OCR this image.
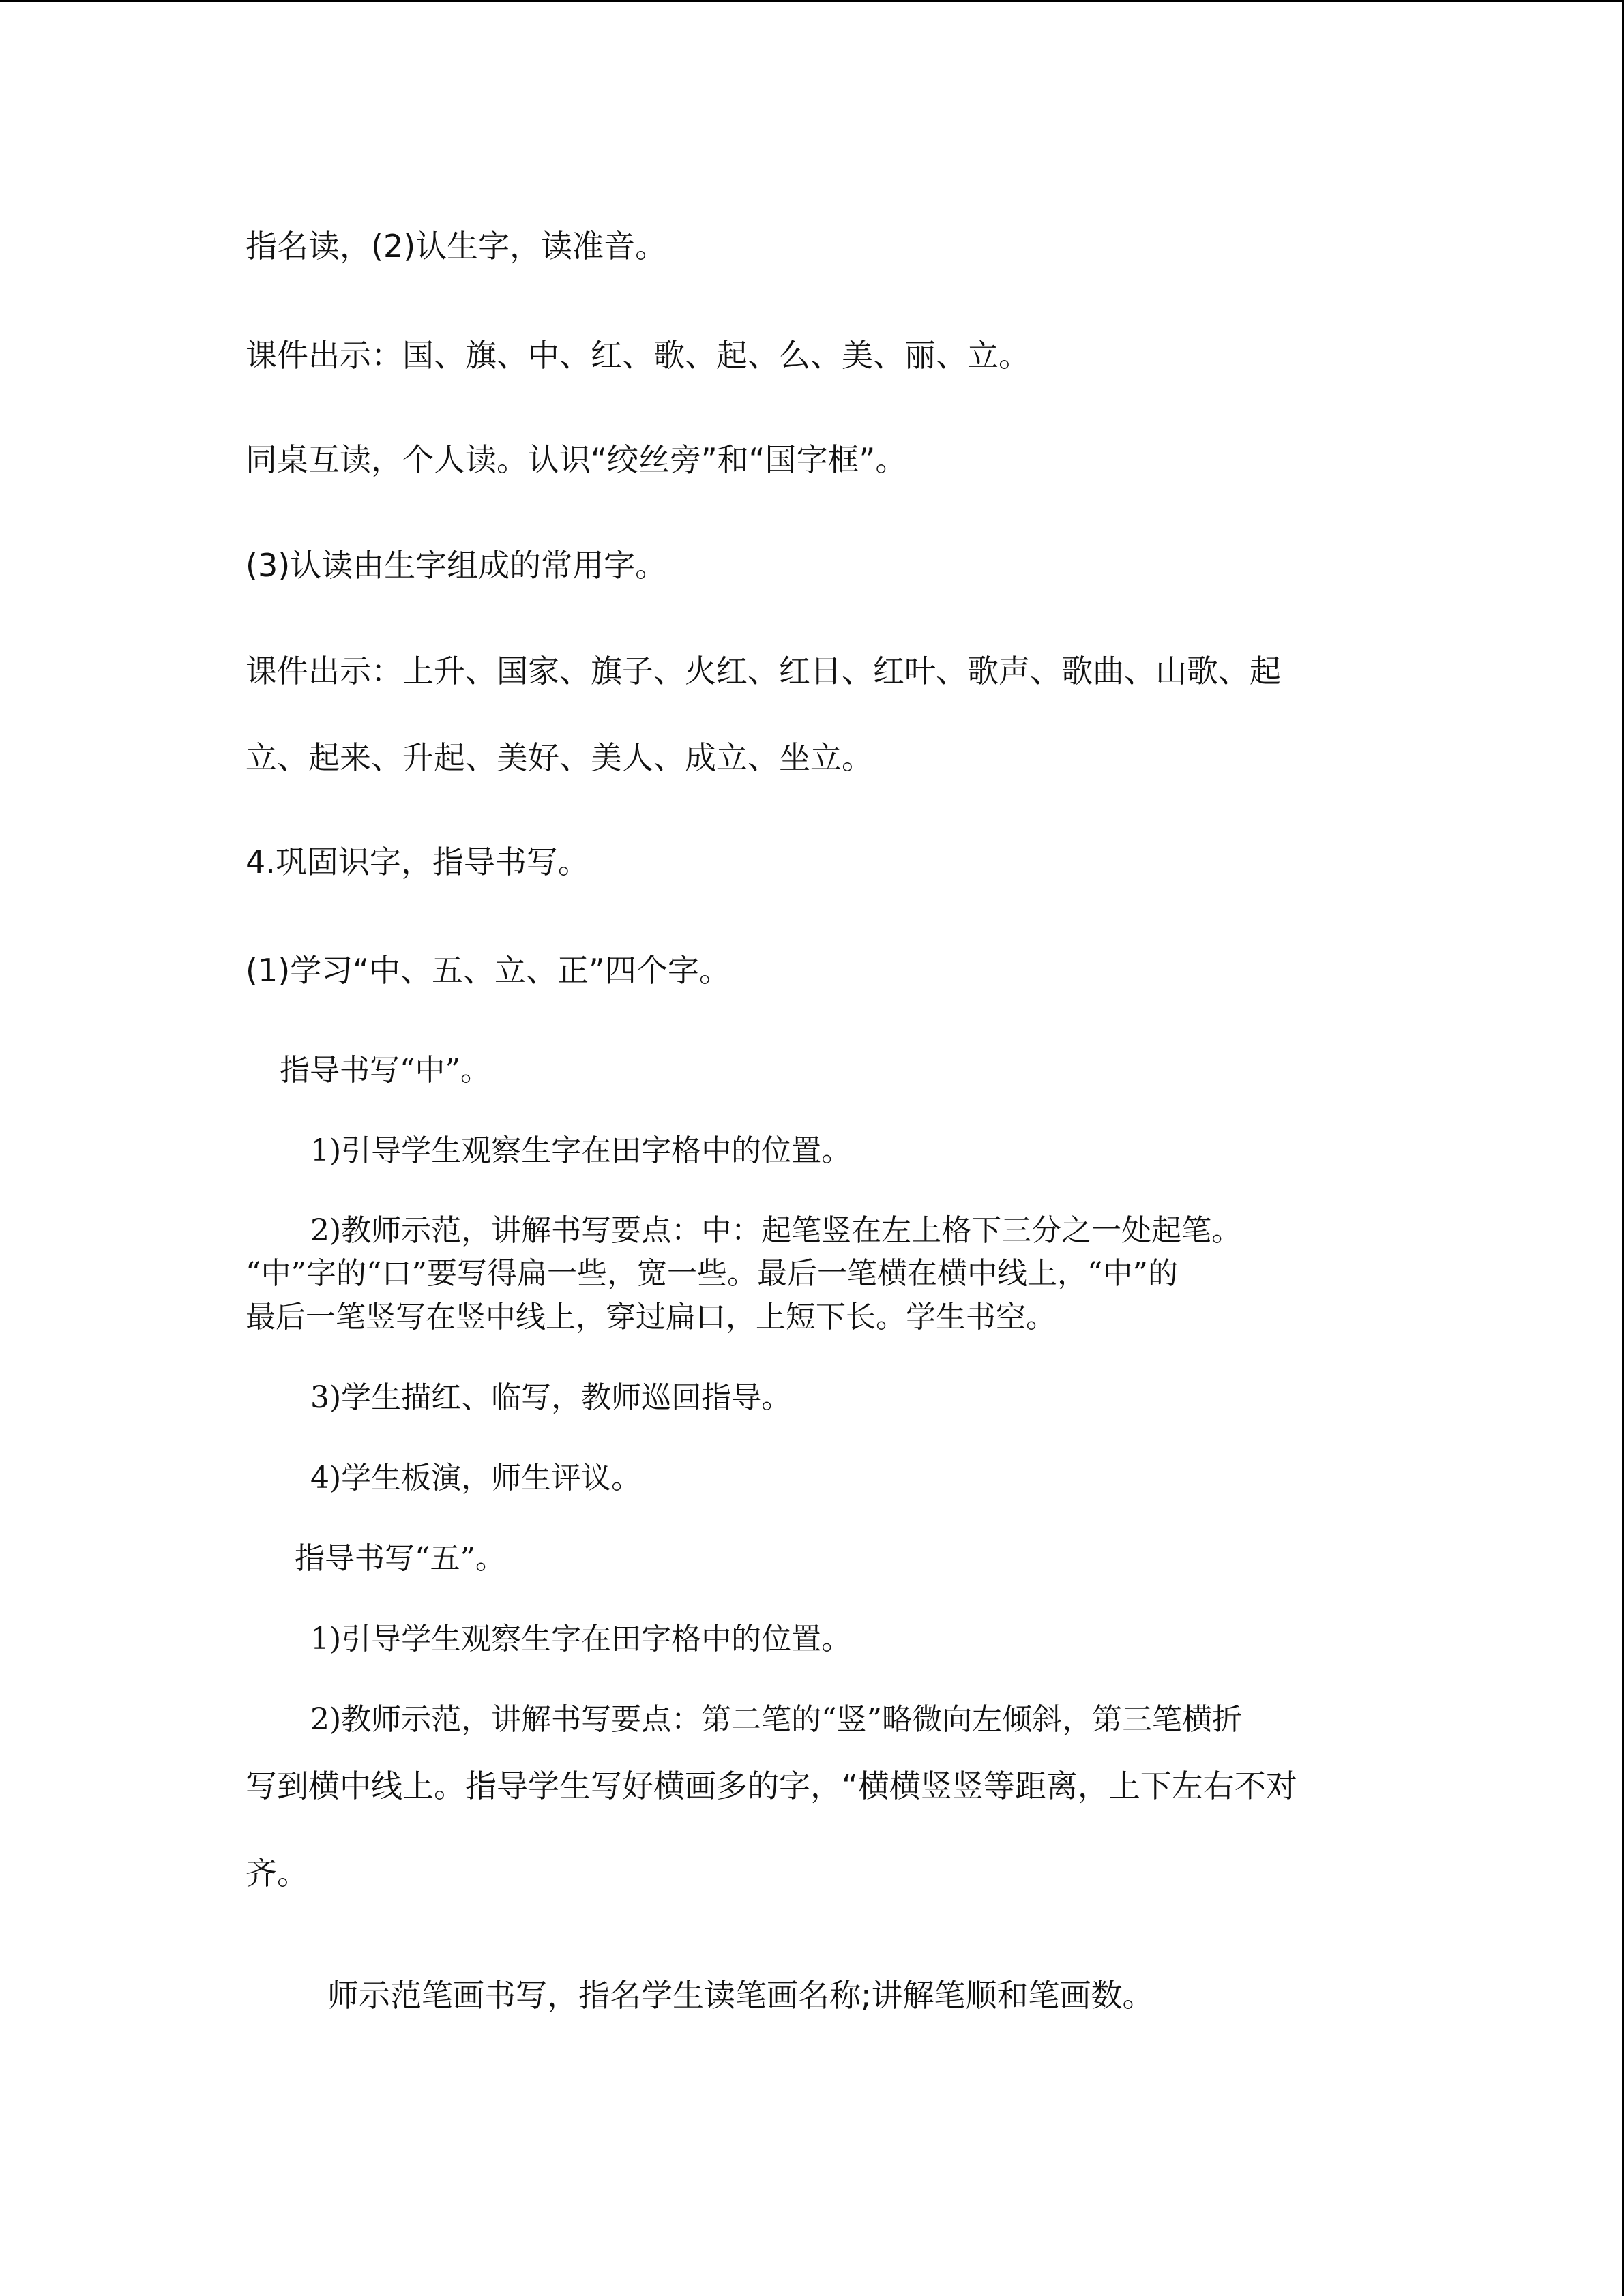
指名读，(2)认生字，读准音。

课件出示：国、旗、中、红、歌、起、么、美、丽、立。

同桌互读，个人读。认识“绞丝旁”和“国字框”。

(3)认读由生字组成的常用字。

课件出示：上升、国家、旗子、火红、红日、红叶、歌声、歌曲、山歌、起

立、起来、升起、美好、美人、成立、坐立。

4.巩固识字，指导书写。

(1)学习“中、五、立、正”四个字。

指导书写“中”。

1)引导学生观察生字在田字格中的位置。

2)教师示范，讲解书写要点：中：起笔竖在左上格下三分之一处起笔。

“中”字的“口”要写得扁一些，宽一些。最后一笔横在横中线上，“中”的

最后一笔竖写在竖中线上，穿过扁口，上短下长。学生书空。

3)学生描红、临写，教师巡回指导。

4)学生板演，师生评议。

指导书写“五”。

1)引导学生观察生字在田字格中的位置。

2)教师示范，讲解书写要点：第二笔的“竖”略微向左倾斜，第三笔横折

写到横中线上。指导学生写好横画多的字，“横横竖竖等距离，上下左右不对

齐。

师示范笔画书写，指名学生读笔画名称;讲解笔顺和笔画数。
